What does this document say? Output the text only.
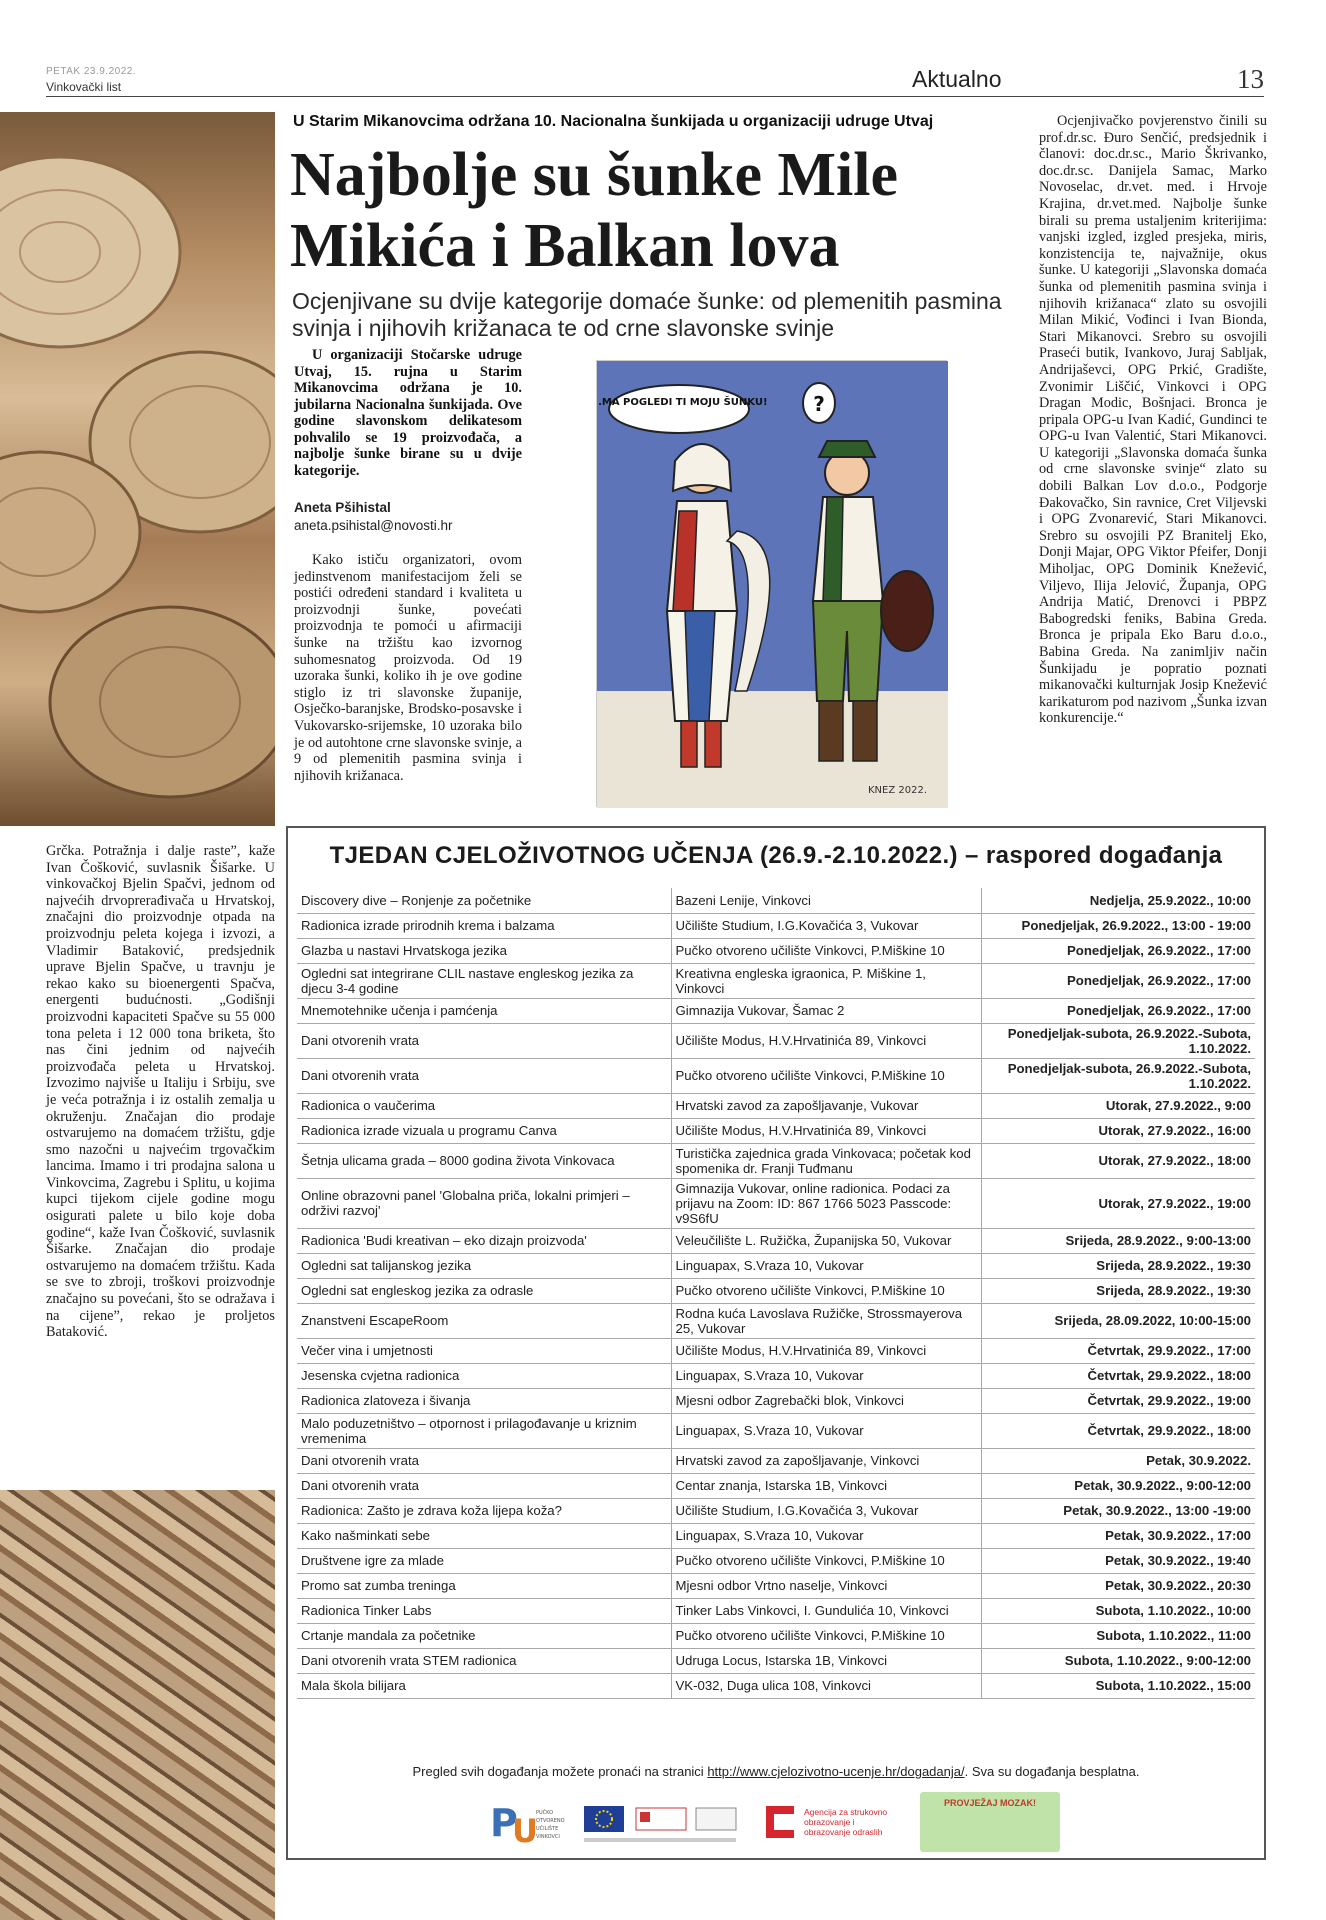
PETAK 23.9.2022.
Vinkovački list	Aktualno	13
U Starim Mikanovcima održana 10. Nacionalna šunkijada u organizaciji udruge Utvaj
Najbolje su šunke Mile Mikića i Balkan lova
Ocjenjivane su dvije kategorije domaće šunke: od plemenitih pasmina svinja i njihovih križanaca te od crne slavonske svinje

U organizaciji Stočarske udruge Utvaj, 15. rujna u Starim Mikanovcima održana je 10. jubilarna Nacionalna šunkijada. Ove godine slavonskom delikatesom pohvalilo se 19 proizvođača, a najbolje šunke birane su u dvije kategorije.

Aneta Pšihistal
aneta.psihistal@novosti.hr

Kako ističu organizatori, ovom jedinstvenom manifestacijom želi se postići određeni standard i kvaliteta u proizvodnji šunke, povećati proizvodnja te pomoći u afirmaciji šunke na tržištu kao izvornog suhomesnatog proizvoda. Od 19 uzoraka šunki, koliko ih je ove godine stiglo iz tri slavonske županije, Osječko-baranjske, Brodsko-posavske i Vukovarsko-srijemske, 10 uzoraka bilo je od autohtone crne slavonske svinje, a 9 od plemenitih pasmina svinja i njihovih križanaca.

Ocjenjivačko povjerenstvo činili su prof.dr.sc. Đuro Senčić, predsjednik i članovi: doc.dr.sc., Mario Škrivanko, doc.dr.sc. Danijela Samac, Marko Novoselac, dr.vet. med. i Hrvoje Krajina, dr.vet.med. Najbolje šunke birali su prema ustaljenim kriterijima: vanjski izgled, izgled presjeka, miris, konzistencija te, najvažnije, okus šunke. U kategoriji „Slavonska domaća šunka od plemenitih pasmina svinja i njihovih križanaca“ zlato su osvojili Milan Mikić, Vođinci i Ivan Bionda, Stari Mikanovci. Srebro su osvojili Praseći butik, Ivankovo, Juraj Sabljak, Andrijaševci, OPG Prkić, Gradište, Zvonimir Liščić, Vinkovci i OPG Dragan Modic, Bošnjaci. Bronca je pripala OPG-u Ivan Kadić, Gundinci te OPG-u Ivan Valentić, Stari Mikanovci. U kategoriji „Slavonska domaća šunka od crne slavonske svinje“ zlato su dobili Balkan Lov d.o.o., Podgorje Đakovačko, Sin ravnice, Cret Viljevski i OPG Zvonarević, Stari Mikanovci. Srebro su osvojili PZ Branitelj Eko, Donji Majar, OPG Viktor Pfeifer, Donji Miholjac, OPG Dominik Knežević, Viljevo, Ilija Jelović, Županja, OPG Andrija Matić, Drenovci i PBPZ Babogredski feniks, Babina Greda. Bronca je pripala Eko Baru d.o.o., Babina Greda. Na zanimljiv način Šunkijadu je popratio poznati mikanovački kulturnjak Josip Knežević karikaturom pod nazivom „Šunka izvan konkurencije.“

Grčka. Potražnja i dalje raste”, kaže Ivan Čošković, suvlasnik Šišarke. U vinkovačkoj Bjelin Spačvi, jednom od najvećih drvoprerađivača u Hrvatskoj, značajni dio proizvodnje otpada na proizvodnju peleta kojega i izvozi, a Vladimir Bataković, predsjednik uprave Bjelin Spačve, u travnju je rekao kako su bioenergenti Spačva, energenti budućnosti. „Godišnji proizvodni kapaciteti Spačve su 55 000 tona peleta i 12 000 tona briketa, što nas čini jednim od najvećih proizvođača peleta u Hrvatskoj. Izvozimo najviše u Italiju i Srbiju, sve je veća potražnja i iz ostalih zemalja u okruženju. Značajan dio prodaje ostvarujemo na domaćem tržištu, gdje smo nazočni u najvećim trgovačkim lancima. Imamo i tri prodajna salona u Vinkovcima, Zagrebu i Splitu, u kojima kupci tijekom cijele godine mogu osigurati palete u bilo koje doba godine“, kaže Ivan Čošković, suvlasnik Šišarke. Značajan dio prodaje ostvarujemo na domaćem tržištu. Kada se sve to zbroji, troškovi proizvodnje značajno su povećani, što se odražava i na cijene”, rekao je proljetos Bataković.

...MA POGLEDI TI MOJU ŠUNKU! ?
KNEZ 2022.
TJEDAN CJELOŽIVOTNOG UČENJA (26.9.-2.10.2022.) – raspored događanja
Discovery dive – Ronjenje za početnike	Bazeni Lenije, Vinkovci	Nedjelja, 25.9.2022., 10:00
Radionica izrade prirodnih krema i balzama	Učilište Studium, I.G.Kovačića 3, Vukovar	Ponedjeljak, 26.9.2022., 13:00 - 19:00
Glazba u nastavi Hrvatskoga jezika	Pučko otvoreno učilište Vinkovci, P.Miškine 10	Ponedjeljak, 26.9.2022., 17:00
Ogledni sat integrirane CLIL nastave engleskog jezika za djecu 3-4 godine	Kreativna engleska igraonica, P. Miškine 1, Vinkovci	Ponedjeljak, 26.9.2022., 17:00
Mnemotehnike učenja i pamćenja	Gimnazija Vukovar, Šamac 2	Ponedjeljak, 26.9.2022., 17:00
Dani otvorenih vrata	Učilište Modus, H.V.Hrvatinića 89, Vinkovci	Ponedjeljak-subota, 26.9.2022.-Subota, 1.10.2022.
Dani otvorenih vrata	Pučko otvoreno učilište Vinkovci, P.Miškine 10	Ponedjeljak-subota, 26.9.2022.-Subota, 1.10.2022.
Radionica o vaučerima	Hrvatski zavod za zapošljavanje, Vukovar	Utorak, 27.9.2022., 9:00
Radionica izrade vizuala u programu Canva	Učilište Modus, H.V.Hrvatinića 89, Vinkovci	Utorak, 27.9.2022., 16:00
Šetnja ulicama grada – 8000 godina života Vinkovaca	Turistička zajednica grada Vinkovaca; početak kod spomenika dr. Franji Tuđmanu	Utorak, 27.9.2022., 18:00
Online obrazovni panel 'Globalna priča, lokalni primjeri – održivi razvoj'	Gimnazija Vukovar, online radionica. Podaci za prijavu na Zoom: ID: 867 1766 5023 Passcode: v9S6fU	Utorak, 27.9.2022., 19:00
Radionica 'Budi kreativan – eko dizajn proizvoda'	Veleučilište L. Ružička, Županijska 50, Vukovar	Srijeda, 28.9.2022., 9:00-13:00
Ogledni sat talijanskog jezika	Linguapax, S.Vraza 10, Vukovar	Srijeda, 28.9.2022., 19:30
Ogledni sat engleskog jezika za odrasle	Pučko otvoreno učilište Vinkovci, P.Miškine 10	Srijeda, 28.9.2022., 19:30
Znanstveni EscapeRoom	Rodna kuća Lavoslava Ružičke, Strossmayerova 25, Vukovar	Srijeda, 28.09.2022, 10:00-15:00
Večer vina i umjetnosti	Učilište Modus, H.V.Hrvatinića 89, Vinkovci	Četvrtak, 29.9.2022., 17:00
Jesenska cvjetna radionica	Linguapax, S.Vraza 10, Vukovar	Četvrtak, 29.9.2022., 18:00
Radionica zlatoveza i šivanja	Mjesni odbor Zagrebački blok, Vinkovci	Četvrtak, 29.9.2022., 19:00
Malo poduzetništvo – otpornost i prilagođavanje u kriznim vremenima	Linguapax, S.Vraza 10, Vukovar	Četvrtak, 29.9.2022., 18:00
Dani otvorenih vrata	Hrvatski zavod za zapošljavanje, Vinkovci	Petak, 30.9.2022.
Dani otvorenih vrata	Centar znanja, Istarska 1B, Vinkovci	Petak, 30.9.2022., 9:00-12:00
Radionica: Zašto je zdrava koža lijepa koža?	Učilište Studium, I.G.Kovačića 3, Vukovar	Petak, 30.9.2022., 13:00 -19:00
Kako našminkati sebe	Linguapax, S.Vraza 10, Vukovar	Petak, 30.9.2022., 17:00
Društvene igre za mlade	Pučko otvoreno učilište Vinkovci, P.Miškine 10	Petak, 30.9.2022., 19:40
Promo sat zumba treninga	Mjesni odbor Vrtno naselje, Vinkovci	Petak, 30.9.2022., 20:30
Radionica Tinker Labs	Tinker Labs Vinkovci, I. Gundulića 10, Vinkovci	Subota, 1.10.2022., 10:00
Crtanje mandala za početnike	Pučko otvoreno učilište Vinkovci, P.Miškine 10	Subota, 1.10.2022., 11:00
Dani otvorenih vrata STEM radionica	Udruga Locus, Istarska 1B, Vinkovci	Subota, 1.10.2022., 9:00-12:00
Mala škola bilijara	VK-032, Duga ulica 108, Vinkovci	Subota, 1.10.2022., 15:00
Pregled svih događanja možete pronaći na stranici http://www.cjelozivotno-ucenje.hr/dogadanja/. Sva su događanja besplatna.
P
U
PUČKO
OTVORENO
UČILIŠTE
VINKOVCI
Agencija za strukovno obrazovanje i obrazovanje odraslih
PROVJEŽAJ MOZAK!
